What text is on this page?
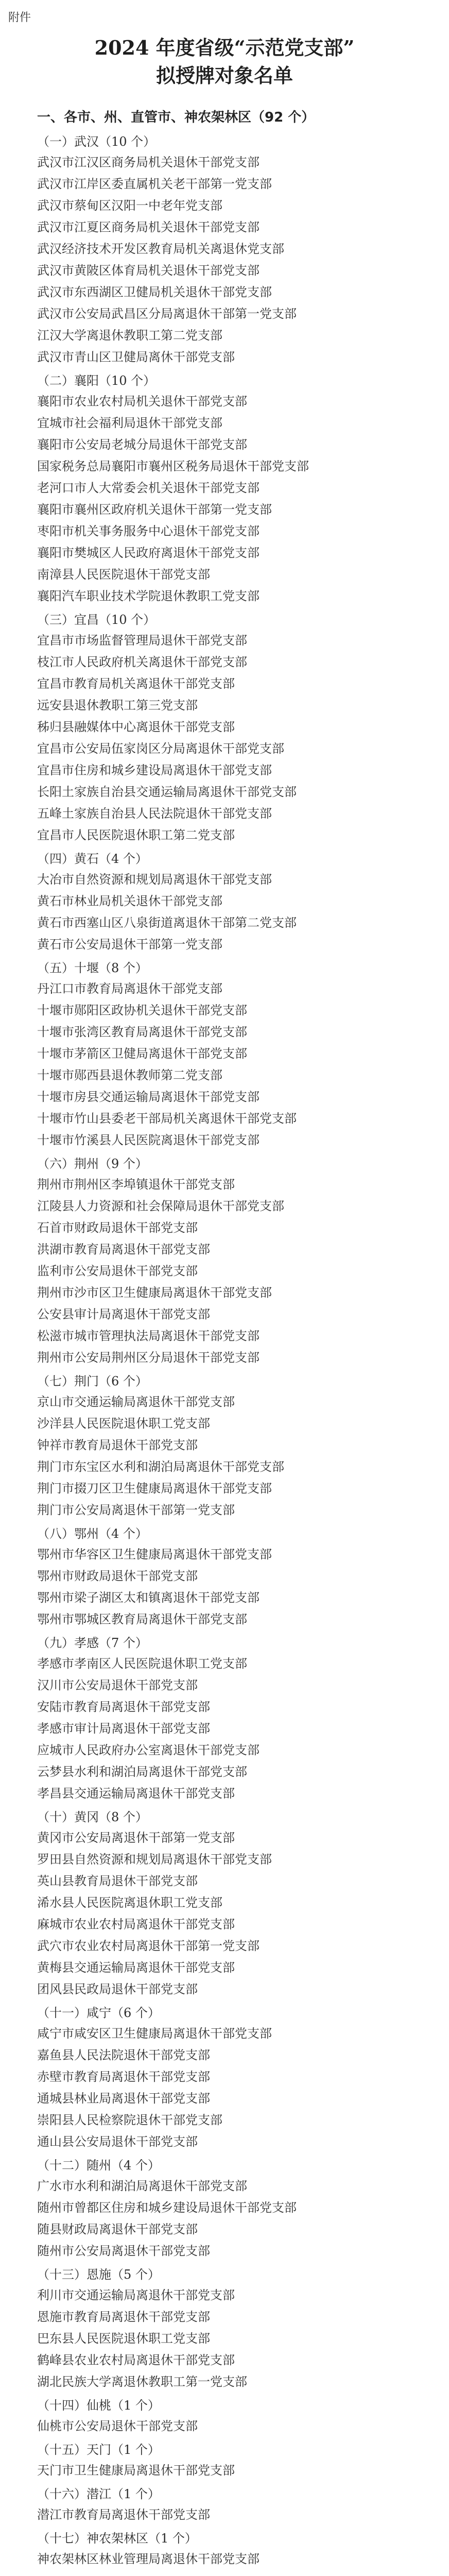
附件
2024 年度省级“示范党支部”
拟授牌对象名单
一、各市、州、直管市、神农架林区（92 个）
（一）武汉（10 个）
武汉市江汉区商务局机关退休干部党支部
武汉市江岸区委直属机关老干部第一党支部
武汉市蔡甸区汉阳一中老年党支部
武汉市江夏区商务局机关退休干部党支部
武汉经济技术开发区教育局机关离退休党支部
武汉市黄陂区体育局机关退休干部党支部
武汉市东西湖区卫健局机关退休干部党支部
武汉市公安局武昌区分局离退休干部第一党支部
江汉大学离退休教职工第二党支部
武汉市青山区卫健局离休干部党支部
（二）襄阳（10 个）
襄阳市农业农村局机关退休干部党支部
宜城市社会福利局退休干部党支部
襄阳市公安局老城分局退休干部党支部
国家税务总局襄阳市襄州区税务局退休干部党支部
老河口市人大常委会机关退休干部党支部
襄阳市襄州区政府机关退休干部第一党支部
枣阳市机关事务服务中心退休干部党支部
襄阳市樊城区人民政府离退休干部党支部
南漳县人民医院退休干部党支部
襄阳汽车职业技术学院退休教职工党支部
（三）宜昌（10 个）
宜昌市市场监督管理局退休干部党支部
枝江市人民政府机关离退休干部党支部
宜昌市教育局机关离退休干部党支部
远安县退休教职工第三党支部
秭归县融媒体中心离退休干部党支部
宜昌市公安局伍家岗区分局离退休干部党支部
宜昌市住房和城乡建设局离退休干部党支部
长阳土家族自治县交通运输局离退休干部党支部
五峰土家族自治县人民法院退休干部党支部
宜昌市人民医院退休职工第二党支部
（四）黄石（4 个）
大冶市自然资源和规划局离退休干部党支部
黄石市林业局机关退休干部党支部
黄石市西塞山区八泉街道离退休干部第二党支部
黄石市公安局退休干部第一党支部
（五）十堰（8 个）
丹江口市教育局离退休干部党支部
十堰市郧阳区政协机关退休干部党支部
十堰市张湾区教育局离退休干部党支部
十堰市茅箭区卫健局离退休干部党支部
十堰市郧西县退休教师第二党支部
十堰市房县交通运输局离退休干部党支部
十堰市竹山县委老干部局机关离退休干部党支部
十堰市竹溪县人民医院离退休干部党支部
（六）荆州（9 个）
荆州市荆州区李埠镇退休干部党支部
江陵县人力资源和社会保障局退休干部党支部
石首市财政局退休干部党支部
洪湖市教育局离退休干部党支部
监利市公安局退休干部党支部
荆州市沙市区卫生健康局离退休干部党支部
公安县审计局离退休干部党支部
松滋市城市管理执法局离退休干部党支部
荆州市公安局荆州区分局退休干部党支部
（七）荆门（6 个）
京山市交通运输局离退休干部党支部
沙洋县人民医院退休职工党支部
钟祥市教育局退休干部党支部
荆门市东宝区水利和湖泊局离退休干部党支部
荆门市掇刀区卫生健康局离退休干部党支部
荆门市公安局离退休干部第一党支部
（八）鄂州（4 个）
鄂州市华容区卫生健康局离退休干部党支部
鄂州市财政局退休干部党支部
鄂州市梁子湖区太和镇离退休干部党支部
鄂州市鄂城区教育局离退休干部党支部
（九）孝感（7 个）
孝感市孝南区人民医院退休职工党支部
汉川市公安局退休干部党支部
安陆市教育局离退休干部党支部
孝感市审计局离退休干部党支部
应城市人民政府办公室离退休干部党支部
云梦县水利和湖泊局离退休干部党支部
孝昌县交通运输局离退休干部党支部
（十）黄冈（8 个）
黄冈市公安局离退休干部第一党支部
罗田县自然资源和规划局离退休干部党支部
英山县教育局退休干部党支部
浠水县人民医院离退休职工党支部
麻城市农业农村局离退休干部党支部
武穴市农业农村局离退休干部第一党支部
黄梅县交通运输局离退休干部党支部
团风县民政局退休干部党支部
（十一）咸宁（6 个）
咸宁市咸安区卫生健康局离退休干部党支部
嘉鱼县人民法院退休干部党支部
赤壁市教育局离退休干部党支部
通城县林业局离退休干部党支部
崇阳县人民检察院退休干部党支部
通山县公安局退休干部党支部
（十二）随州（4 个）
广水市水利和湖泊局离退休干部党支部
随州市曾都区住房和城乡建设局退休干部党支部
随县财政局离退休干部党支部
随州市公安局离退休干部党支部
（十三）恩施（5 个）
利川市交通运输局离退休干部党支部
恩施市教育局离退休干部党支部
巴东县人民医院退休职工党支部
鹤峰县农业农村局离退休干部党支部
湖北民族大学离退休教职工第一党支部
（十四）仙桃（1 个）
仙桃市公安局退休干部党支部
（十五）天门（1 个）
天门市卫生健康局离退休干部党支部
（十六）潜江（1 个）
潜江市教育局离退休干部党支部
（十七）神农架林区（1 个）
神农架林区林业管理局离退休干部党支部
